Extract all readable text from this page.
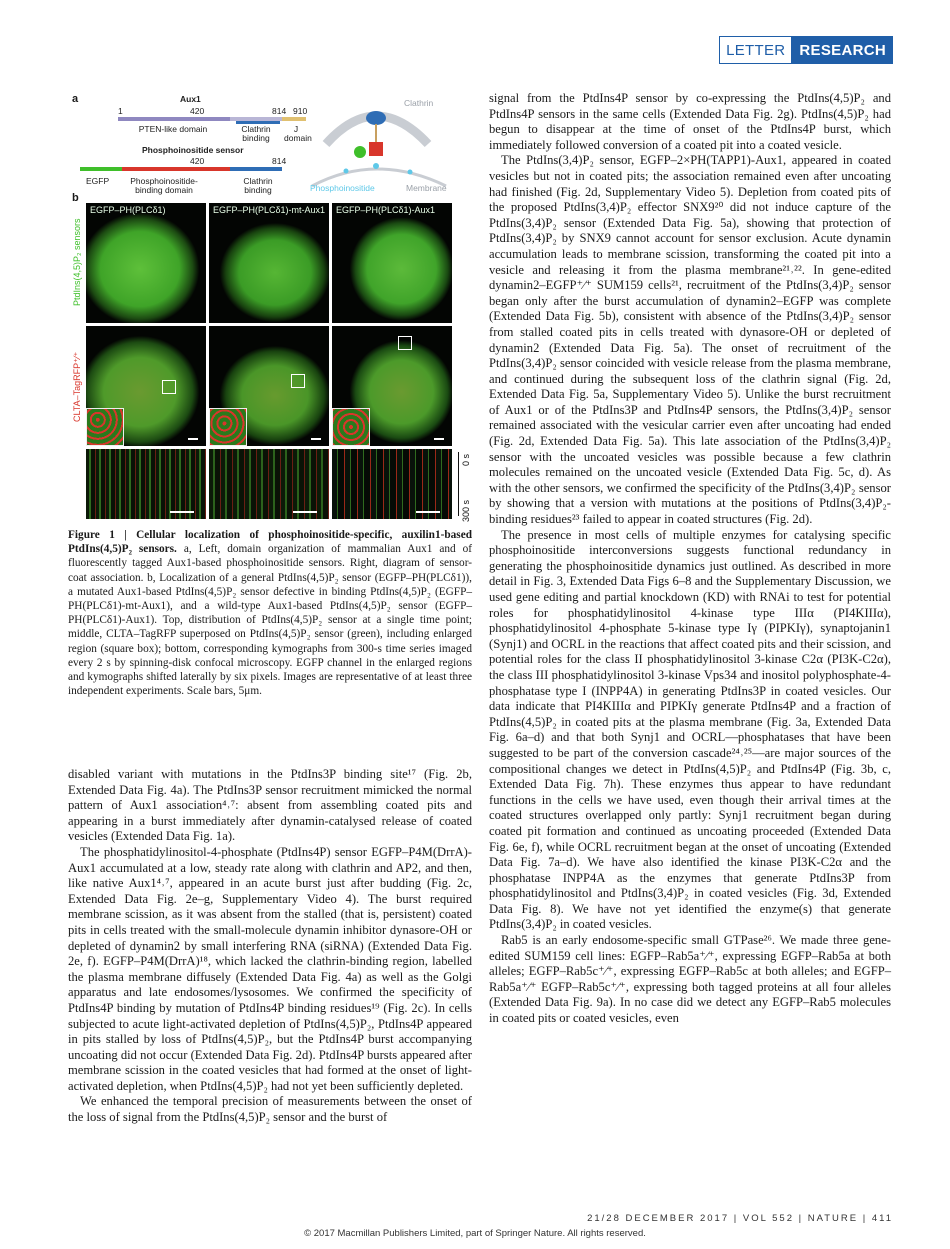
LETTER RESEARCH
a	Aux1
1	420	814 910
PTEN-like domain	Clathrin binding
J domain
Phosphoinositide sensor
420	814
EGFP	Phosphoinositide-binding domain
Clathrin binding
Clathrin
Phosphoinositide	Membrane
b
PtdIns(4,5)P₂ sensors
CLTA–TagRFP⁺⁄⁺
EGFP–PH(PLCδ1)	EGFP–PH(PLCδ1)-mt-Aux1 EGFP–PH(PLCδ1)-Aux1
0 s
300 s
Figure 1 | Cellular localization of phosphoinositide-specific, auxilin1-based PtdIns(4,5)P₂ sensors. a, Left, domain organization of mammalian Aux1 and of fluorescently tagged Aux1-based phosphoinositide sensors. Right, diagram of sensor-coat association. b, Localization of a general PtdIns(4,5)P₂ sensor (EGFP–PH(PLCδ1)), a mutated Aux1-based PtdIns(4,5)P₂ sensor defective in binding PtdIns(4,5)P₂ (EGFP–PH(PLCδ1)-mt-Aux1), and a wild-type Aux1-based PtdIns(4,5)P₂ sensor (EGFP–PH(PLCδ1)-Aux1). Top, distribution of PtdIns(4,5)P₂ sensor at a single time point; middle, CLTA–TagRFP superposed on PtdIns(4,5)P₂ sensor (green), including enlarged region (square box); bottom, corresponding kymographs from 300-s time series imaged every 2 s by spinning-disk confocal microscopy. EGFP channel in the enlarged regions and kymographs shifted laterally by six pixels. Images are representative of at least three independent experiments. Scale bars, 5μm.

disabled variant with mutations in the PtdIns3P binding site¹⁷ (Fig. 2b, Extended Data Fig. 4a). The PtdIns3P sensor recruitment mimicked the normal pattern of Aux1 association⁴˒⁷: absent from assembling coated pits and appearing in a burst immediately after dynamin-catalysed release of coated vesicles (Extended Data Fig. 1a).

The phosphatidylinositol-4-phosphate (PtdIns4P) sensor EGFP–P4M(DrrA)-Aux1 accumulated at a low, steady rate along with clathrin and AP2, and then, like native Aux1⁴˒⁷, appeared in an acute burst just after budding (Fig. 2c, Extended Data Fig. 2e–g, Supplementary Video 4). The burst required membrane scission, as it was absent from the stalled (that is, persistent) coated pits in cells treated with the small-molecule dynamin inhibitor dynasore-OH or depleted of dynamin2 by small interfering RNA (siRNA) (Extended Data Fig. 2e, f). EGFP–P4M(DrrA)¹⁸, which lacked the clathrin-binding region, labelled the plasma membrane diffusely (Extended Data Fig. 4a) as well as the Golgi apparatus and late endosomes/lysosomes. We confirmed the specificity of PtdIns4P binding by mutation of PtdIns4P binding residues¹⁹ (Fig. 2c). In cells subjected to acute light-activated depletion of PtdIns(4,5)P₂, PtdIns4P appeared in pits stalled by loss of PtdIns(4,5)P₂, but the PtdIns4P burst accompanying uncoating did not occur (Extended Data Fig. 2d). PtdIns4P bursts appeared after membrane scission in the coated vesicles that had formed at the onset of light-activated depletion, when PtdIns(4,5)P₂ had not yet been sufficiently depleted.

We enhanced the temporal precision of measurements between the onset of the loss of signal from the PtdIns(4,5)P₂ sensor and the burst of

signal from the PtdIns4P sensor by co-expressing the PtdIns(4,5)P₂ and PtdIns4P sensors in the same cells (Extended Data Fig. 2g). PtdIns(4,5)P₂ had begun to disappear at the time of onset of the PtdIns4P burst, which immediately followed conversion of a coated pit into a coated vesicle.

The PtdIns(3,4)P₂ sensor, EGFP–2×PH(TAPP1)-Aux1, appeared in coated vesicles but not in coated pits; the association remained even after uncoating had finished (Fig. 2d, Supplementary Video 5). Depletion from coated pits of the proposed PtdIns(3,4)P₂ effector SNX9²⁰ did not induce capture of the PtdIns(3,4)P₂ sensor (Extended Data Fig. 5a), showing that protection of PtdIns(3,4)P₂ by SNX9 cannot account for sensor exclusion. Acute dynamin accumulation leads to membrane scission, transforming the coated pit into a vesicle and releasing it from the plasma membrane²¹˒²². In gene-edited dynamin2–EGFP⁺⁄⁺ SUM159 cells²¹, recruitment of the PtdIns(3,4)P₂ sensor began only after the burst accumulation of dynamin2–EGFP was complete (Extended Data Fig. 5b), consistent with absence of the PtdIns(3,4)P₂ sensor from stalled coated pits in cells treated with dynasore-OH or depleted of dynamin2 (Extended Data Fig. 5a). The onset of recruitment of the PtdIns(3,4)P₂ sensor coincided with vesicle release from the plasma membrane, and continued during the subsequent loss of the clathrin signal (Fig. 2d, Extended Data Fig. 5a, Supplementary Video 5). Unlike the burst recruitment of Aux1 or of the PtdIns3P and PtdIns4P sensors, the PtdIns(3,4)P₂ sensor remained associated with the vesicular carrier even after uncoating had ended (Fig. 2d, Extended Data Fig. 5a). This late association of the PtdIns(3,4)P₂ sensor with the uncoated vesicles was possible because a few clathrin molecules remained on the uncoated vesicle (Extended Data Fig. 5c, d). As with the other sensors, we confirmed the specificity of the PtdIns(3,4)P₂ sensor by showing that a version with mutations at the positions of PtdIns(3,4)P₂-binding residues²³ failed to appear in coated structures (Fig. 2d).

The presence in most cells of multiple enzymes for catalysing specific phosphoinositide interconversions suggests functional redundancy in generating the phosphoinositide dynamics just outlined. As described in more detail in Fig. 3, Extended Data Figs 6–8 and the Supplementary Discussion, we used gene editing and partial knockdown (KD) with RNAi to test for potential roles for phosphatidylinositol 4-kinase type IIIα (PI4KIIIα), phosphatidylinositol 4-phosphate 5-kinase type Iγ (PIPKIγ), synaptojanin1 (Synj1) and OCRL in the reactions that affect coated pits and their scission, and potential roles for the class II phosphatidylinositol 3-kinase C2α (PI3K-C2α), the class III phosphatidylinositol 3-kinase Vps34 and inositol polyphosphate-4-phosphatase type I (INPP4A) in generating PtdIns3P in coated vesicles. Our data indicate that PI4KIIIα and PIPKIγ generate PtdIns4P and a fraction of PtdIns(4,5)P₂ in coated pits at the plasma membrane (Fig. 3a, Extended Data Fig. 6a–d) and that both Synj1 and OCRL—phosphatases that have been suggested to be part of the conversion cascade²⁴˒²⁵—are major sources of the compositional changes we detect in PtdIns(4,5)P₂ and PtdIns4P (Fig. 3b, c, Extended Data Fig. 7h). These enzymes thus appear to have redundant functions in the cells we have used, even though their arrival times at the coated structures overlapped only partly: Synj1 recruitment began during coated pit formation and continued as uncoating proceeded (Extended Data Fig. 6e, f), while OCRL recruitment began at the onset of uncoating (Extended Data Fig. 7a–d). We have also identified the kinase PI3K-C2α and the phosphatase INPP4A as the enzymes that generate PtdIns3P from phosphatidylinositol and PtdIns(3,4)P₂ in coated vesicles (Fig. 3d, Extended Data Fig. 8). We have not yet identified the enzyme(s) that generate PtdIns(3,4)P₂ in coated vesicles.

Rab5 is an early endosome-specific small GTPase²⁶. We made three gene-edited SUM159 cell lines: EGFP–Rab5a⁺⁄⁺, expressing EGFP–Rab5a at both alleles; EGFP–Rab5c⁺⁄⁺, expressing EGFP–Rab5c at both alleles; and EGFP–Rab5a⁺⁄⁺ EGFP–Rab5c⁺⁄⁺, expressing both tagged proteins at all four alleles (Extended Data Fig. 9a). In no case did we detect any EGFP–Rab5 molecules in coated pits or coated vesicles, even

21/28 DECEMBER 2017 | VOL 552 | NATURE | 411
© 2017 Macmillan Publishers Limited, part of Springer Nature. All rights reserved.
